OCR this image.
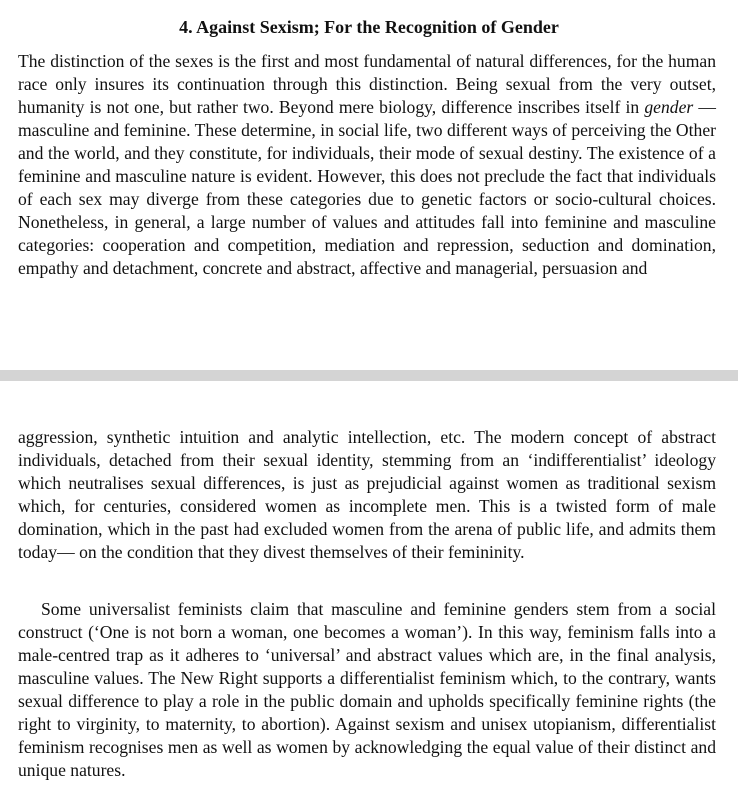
4. Against Sexism; For the Recognition of Gender

The distinction of the sexes is the first and most fundamental of natural differences, for the human race only insures its continuation through this distinction. Being sexual from the very outset, humanity is not one, but rather two. Beyond mere biology, difference inscribes itself in gender — masculine and feminine. These determine, in social life, two different ways of perceiving the Other and the world, and they constitute, for individuals, their mode of sexual destiny. The existence of a feminine and masculine nature is evident. However, this does not preclude the fact that individuals of each sex may diverge from these categories due to genetic factors or socio-cultural choices. Nonetheless, in general, a large number of values and attitudes fall into feminine and masculine categories: cooperation and competition, mediation and repression, seduction and domination, empathy and detachment, concrete and abstract, affective and managerial, persuasion and

aggression, synthetic intuition and analytic intellection, etc. The modern concept of abstract individuals, detached from their sexual identity, stemming from an ‘indifferentialist’ ideology which neutralises sexual differences, is just as prejudicial against women as traditional sexism which, for centuries, considered women as incomplete men. This is a twisted form of male domination, which in the past had excluded women from the arena of public life, and admits them today— on the condition that they divest themselves of their femininity.

Some universalist feminists claim that masculine and feminine genders stem from a social construct (‘One is not born a woman, one becomes a woman’). In this way, feminism falls into a male-centred trap as it adheres to ‘universal’ and abstract values which are, in the final analysis, masculine values. The New Right supports a differentialist feminism which, to the contrary, wants sexual difference to play a role in the public domain and upholds specifically feminine rights (the right to virginity, to maternity, to abortion). Against sexism and unisex utopianism, differentialist feminism recognises men as well as women by acknowledging the equal value of their distinct and unique natures.
